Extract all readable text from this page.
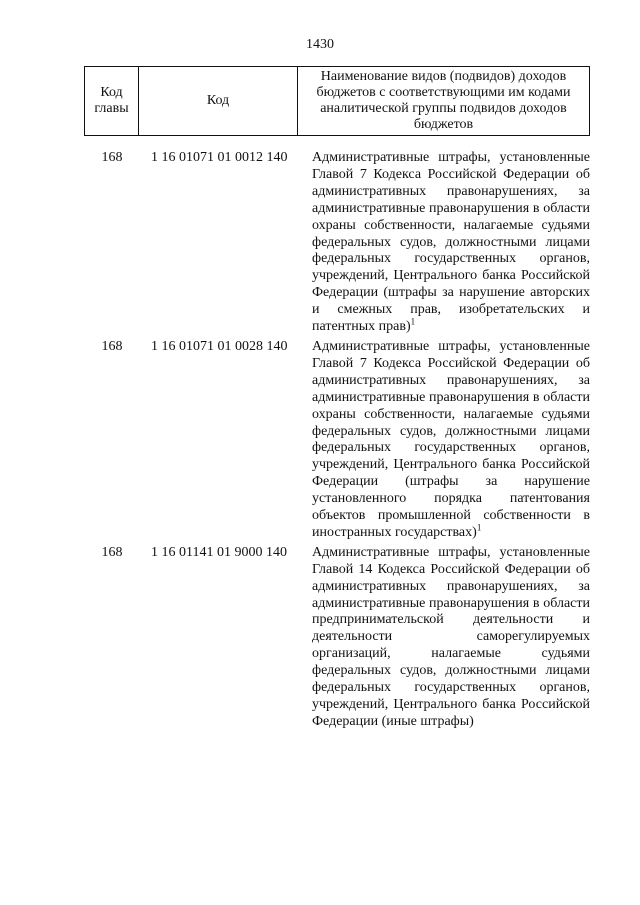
1430
Код главы	Код	Наименование видов (подвидов) доходов бюджетов с соответствующими им кодами аналитической группы подвидов доходов бюджетов
168	1 16 01071 01 0012 140	Административные штрафы, установленные Главой 7 Кодекса Российской Федерации об административных правонарушениях, за административные правонарушения в области охраны собственности, налагаемые судьями федеральных судов, должностными лицами федеральных государственных органов, учреждений, Центрального банка Российской Федерации (штрафы за нарушение авторских и смежных прав, изобретательских и патентных прав)$^1$
168	1 16 01071 01 0028 140	Административные штрафы, установленные Главой 7 Кодекса Российской Федерации об административных правонарушениях, за административные правонарушения в области охраны собственности, налагаемые судьями федеральных судов, должностными лицами федеральных государственных органов, учреждений, Центрального банка Российской Федерации (штрафы за нарушение установленного порядка патентования объектов промышленной собственности в иностранных государствах)$^1$
168	1 16 01141 01 9000 140	Административные штрафы, установленные Главой 14 Кодекса Российской Федерации об административных правонарушениях, за административные правонарушения в области предпринимательской деятельности и деятельности саморегулируемых организаций, налагаемые судьями федеральных судов, должностными лицами федеральных государственных органов, учреждений, Центрального банка Российской Федерации (иные штрафы)
